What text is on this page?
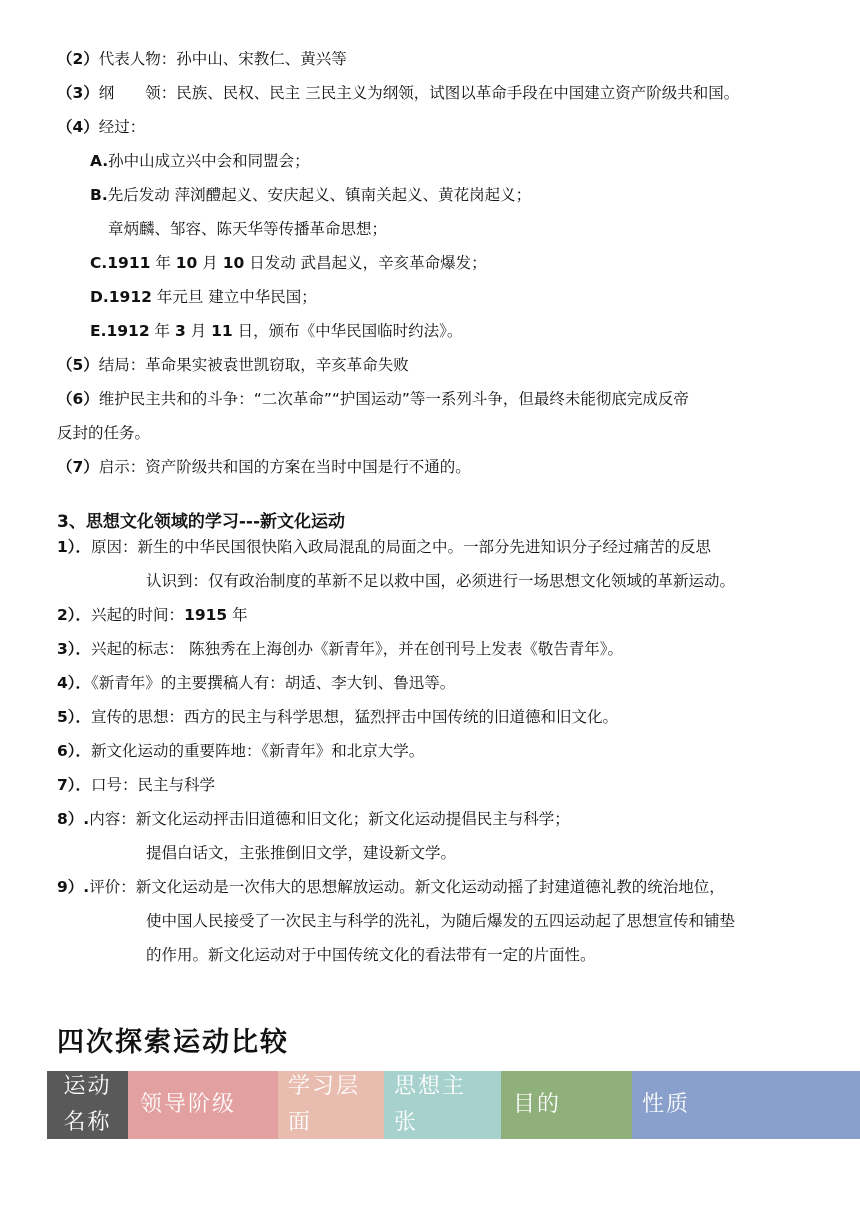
（2）代表人物：孙中山、宋教仁、黄兴等
（3）纲　　领：民族、民权、民主 三民主义为纲领，试图以革命手段在中国建立资产阶级共和国。
（4）经过：
A.孙中山成立兴中会和同盟会；
B.先后发动 萍浏醴起义、安庆起义、镇南关起义、黄花岗起义；
章炳麟、邹容、陈天华等传播革命思想；
C.1911 年 10 月 10 日发动 武昌起义，辛亥革命爆发；
D.1912 年元旦 建立中华民国；
E.1912 年 3 月 11 日，颁布《中华民国临时约法》。
（5）结局：革命果实被袁世凯窃取，辛亥革命失败
（6）维护民主共和的斗争：“二次革命”“护国运动”等一系列斗争，但最终未能彻底完成反帝
反封的任务。
（7）启示：资产阶级共和国的方案在当时中国是行不通的。
3、思想文化领域的学习---新文化运动
1）．原因：新生的中华民国很快陷入政局混乱的局面之中。一部分先进知识分子经过痛苦的反思
认识到：仅有政治制度的革新不足以救中国，必须进行一场思想文化领域的革新运动。
2）．兴起的时间：1915 年
3）．兴起的标志： 陈独秀在上海创办《新青年》，并在创刊号上发表《敬告青年》。
4）．《新青年》的主要撰稿人有：胡适、李大钊、鲁迅等。
5）．宣传的思想：西方的民主与科学思想，猛烈抨击中国传统的旧道德和旧文化。
6）．新文化运动的重要阵地：《新青年》和北京大学。
7）．口号：民主与科学
8）.内容：新文化运动抨击旧道德和旧文化；新文化运动提倡民主与科学；
提倡白话文，主张推倒旧文学，建设新文学。
9）.评价：新文化运动是一次伟大的思想解放运动。新文化运动动摇了封建道德礼教的统治地位，
使中国人民接受了一次民主与科学的洗礼，为随后爆发的五四运动起了思想宣传和铺垫
的作用。新文化运动对于中国传统文化的看法带有一定的片面性。
四次探索运动比较
运动
名称
领导阶级
学习层
面
思想主
张
目的	性质
